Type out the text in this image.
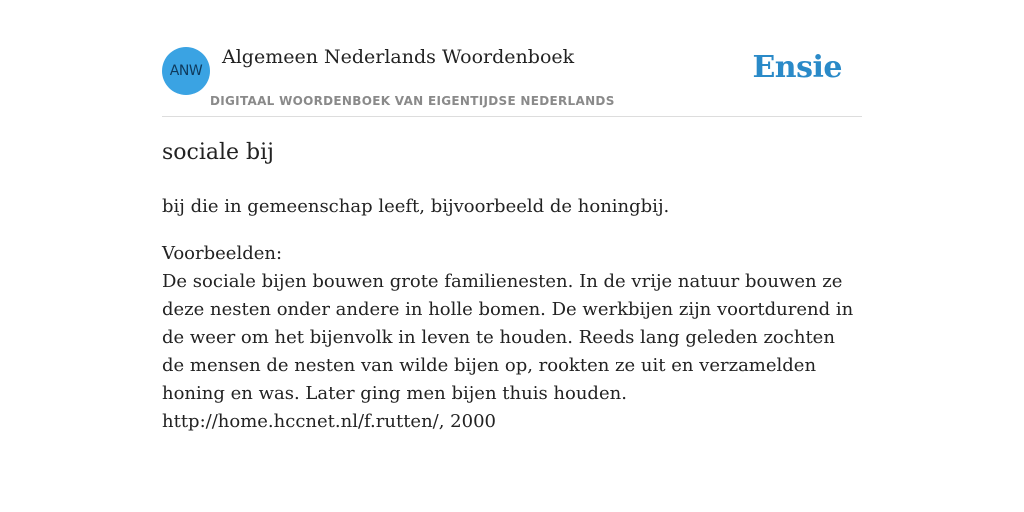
ANW
Algemeen Nederlands Woordenboek
DIGITAAL WOORDENBOEK VAN EIGENTIJDSE NEDERLANDS
Ensie
sociale bij

bij die in gemeenschap leeft, bijvoorbeeld de honingbij.

Voorbeelden:
De sociale bijen bouwen grote familienesten. In de vrije natuur bouwen ze deze nesten onder andere in holle bomen. De werkbijen zijn voortdurend in de weer om het bijenvolk in leven te houden. Reeds lang geleden zochten de mensen de nesten van wilde bijen op, rookten ze uit en verzamelden honing en was. Later ging men bijen thuis houden.
http://home.hccnet.nl/f.rutten/, 2000
